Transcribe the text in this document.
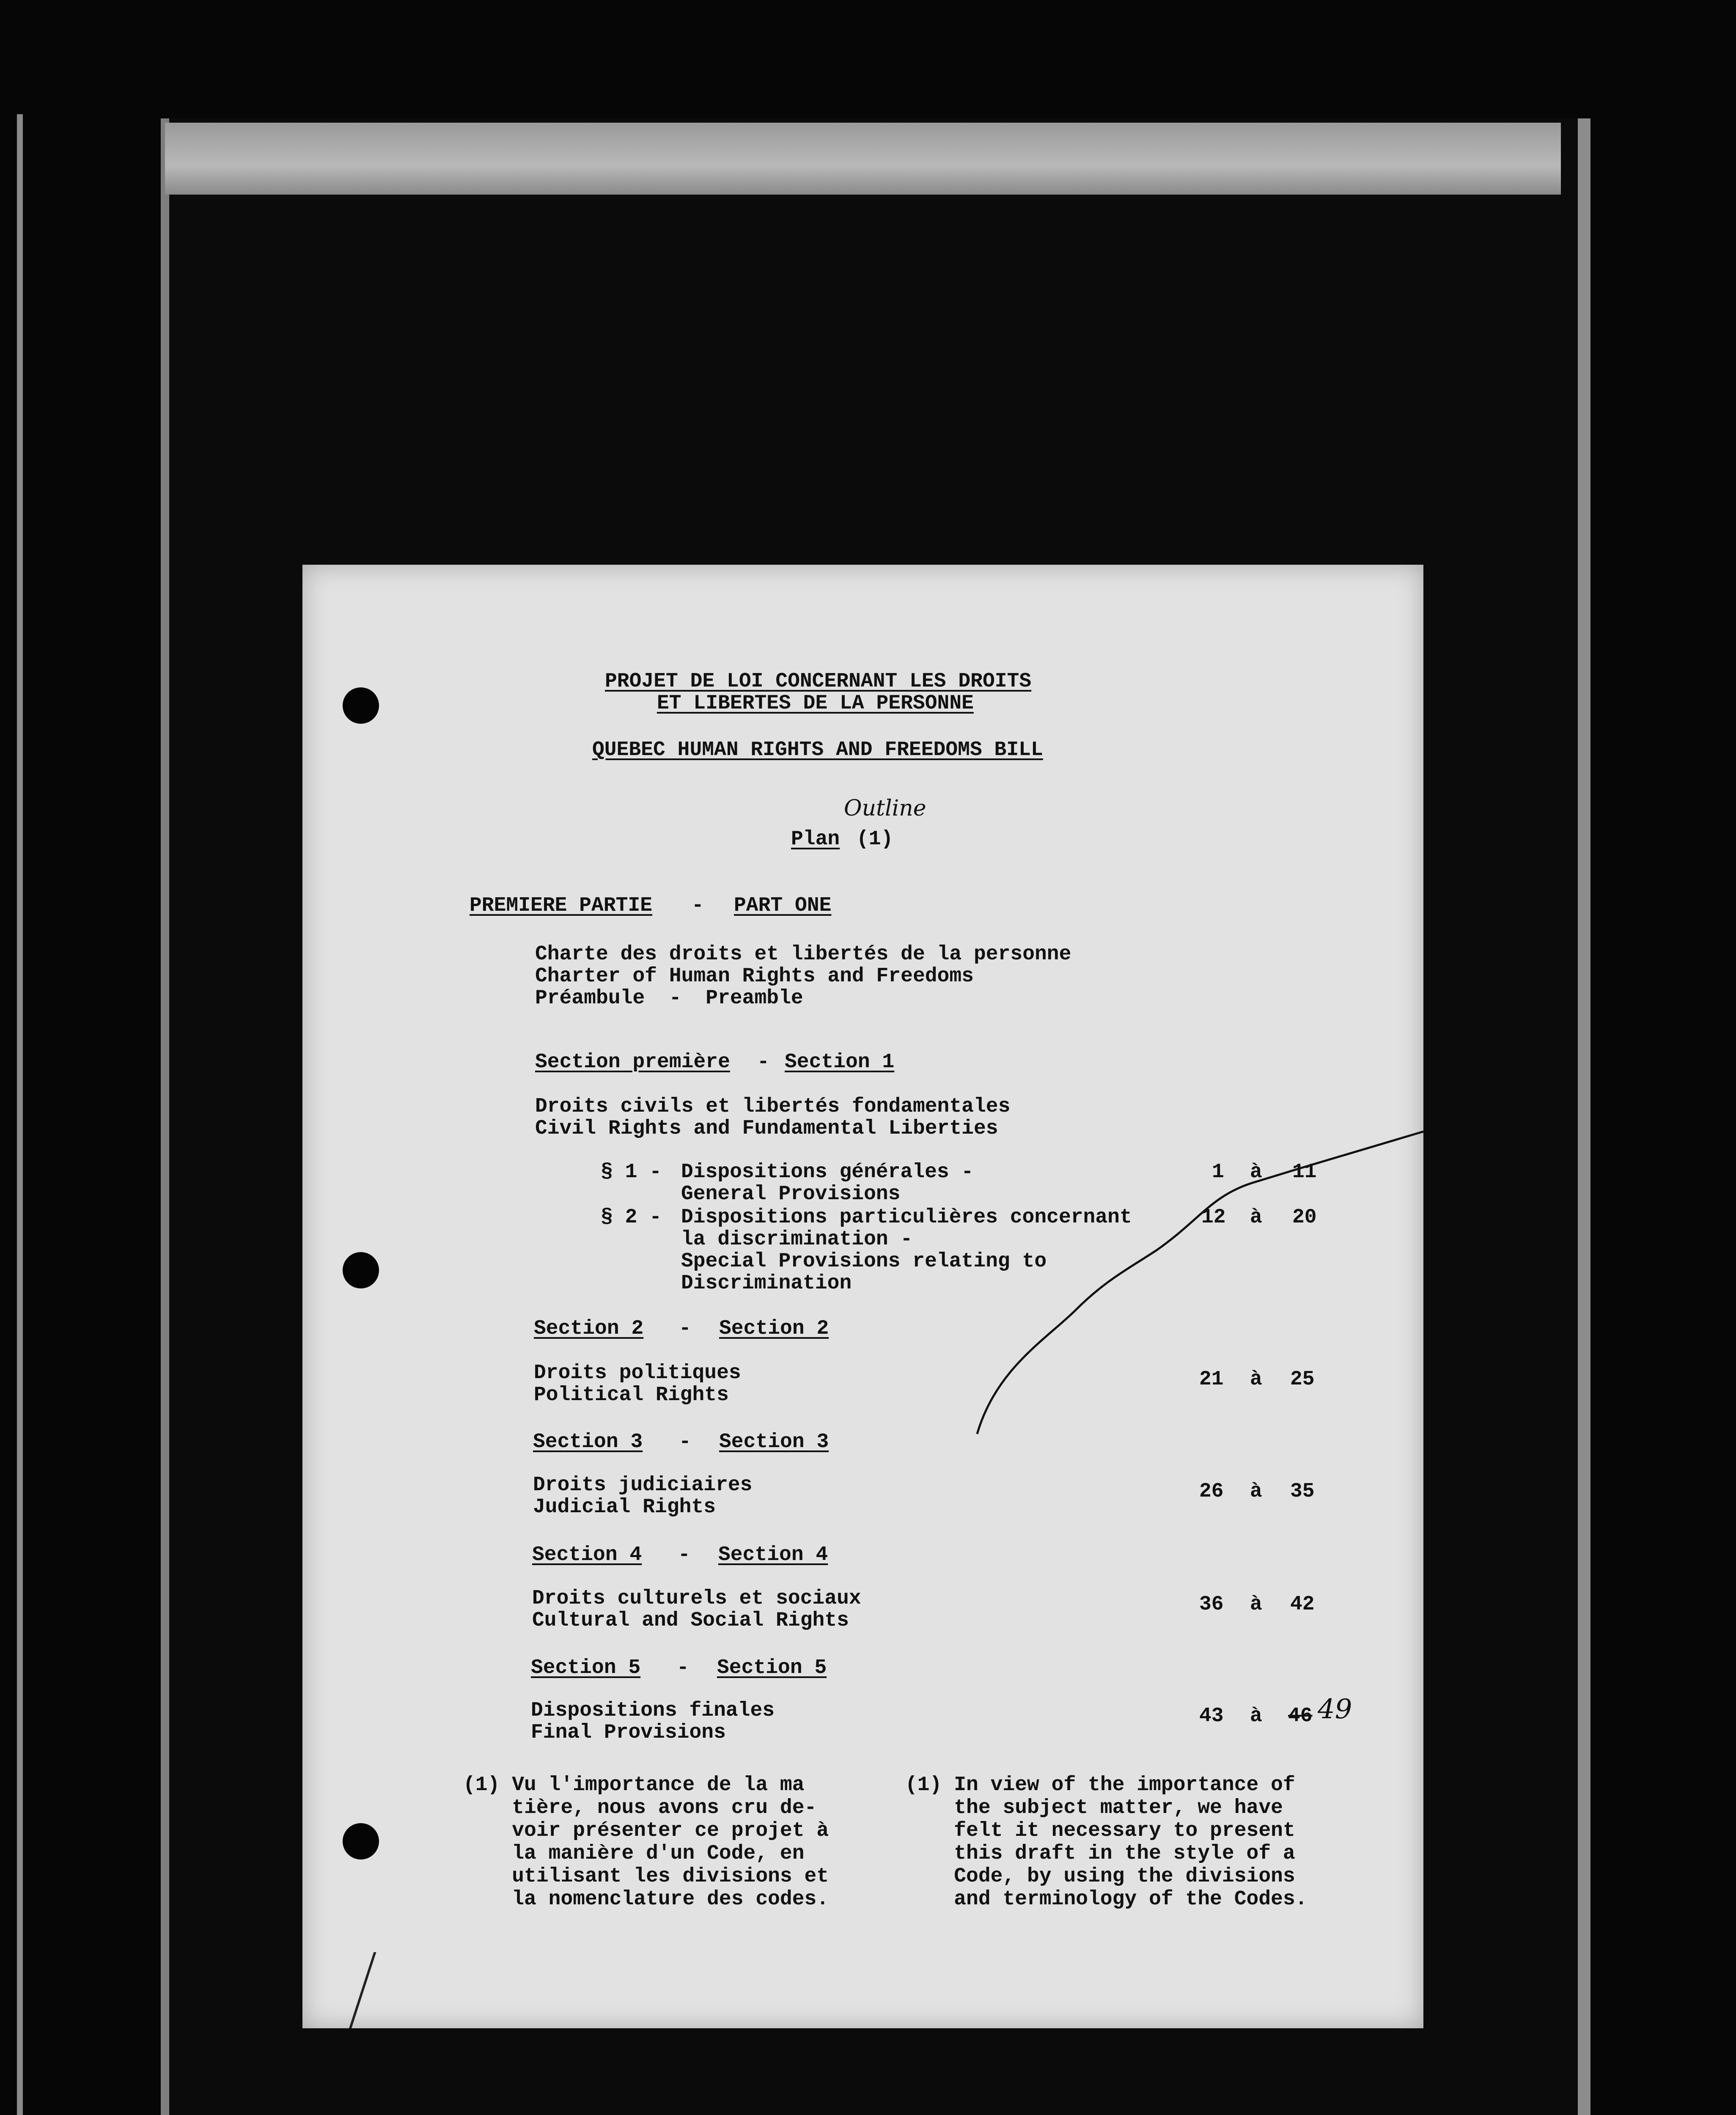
PROJET DE LOI CONCERNANT LES DROITS
ET LIBERTES DE LA PERSONNE
QUEBEC HUMAN RIGHTS AND FREEDOMS BILL
Outline
Plan (1)
PREMIERE PARTIE - PART ONE
Charte des droits et libertés de la personne
Charter of Human Rights and Freedoms
Préambule  -  Preamble
Section première - Section 1
Droits civils et libertés fondamentales
Civil Rights and Fundamental Liberties
§ 1 - Dispositions générales -
General Provisions
1 à 11
§ 2 - Dispositions particulières concernant
la discrimination -
Special Provisions relating to
Discrimination
12 à 20
Section 2 - Section 2
Droits politiques
Political Rights
21 à 25
Section 3 - Section 3
Droits judiciaires
Judicial Rights
26 à 35
Section 4 - Section 4
Droits culturels et sociaux
Cultural and Social Rights
36 à 42
Section 5 - Section 5
Dispositions finales
Final Provisions
43 à 46 49
(1) Vu l'importance de la ma
tière, nous avons cru de-
voir présenter ce projet à
la manière d'un Code, en
utilisant les divisions et
la nomenclature des codes.
(1) In view of the importance of
the subject matter, we have
felt it necessary to present
this draft in the style of a
Code, by using the divisions
and terminology of the Codes.
